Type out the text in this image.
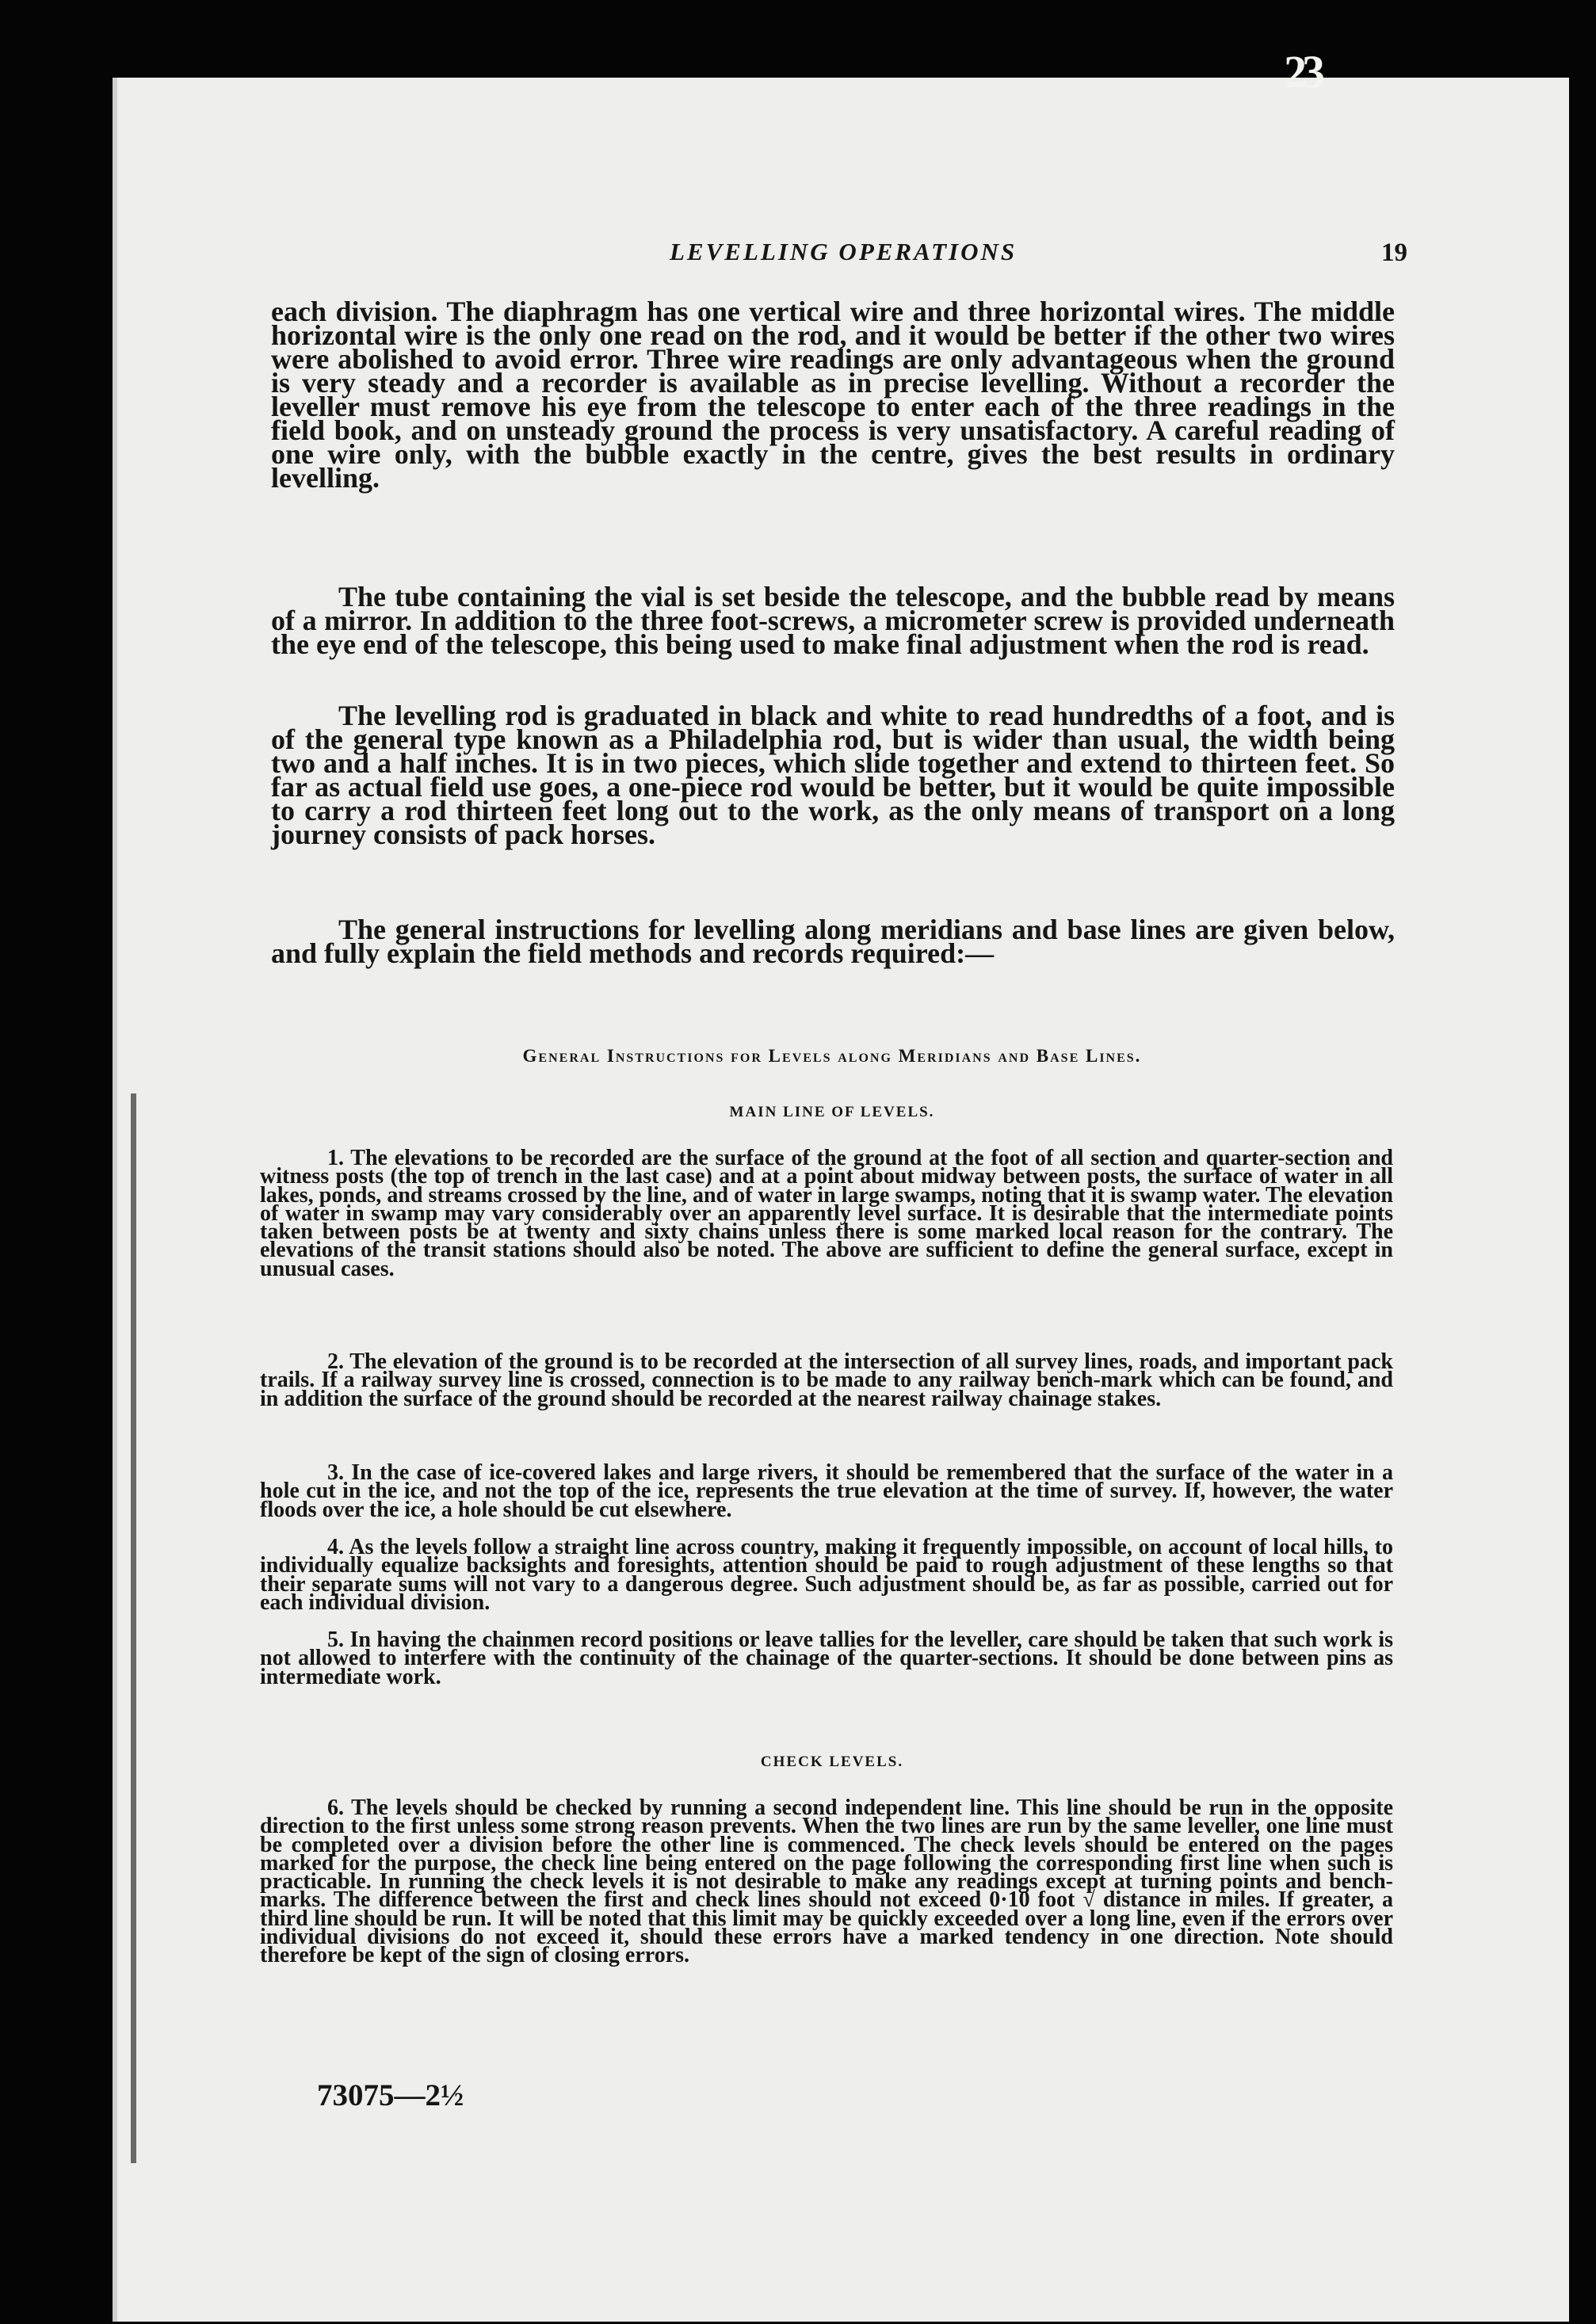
23
LEVELLING OPERATIONS	19

each division. The diaphragm has one vertical wire and three horizontal wires. The middle horizontal wire is the only one read on the rod, and it would be better if the other two wires were abolished to avoid error. Three wire readings are only advantageous when the ground is very steady and a recorder is available as in precise levelling. Without a recorder the leveller must remove his eye from the telescope to enter each of the three readings in the field book, and on unsteady ground the process is very unsatisfactory. A careful reading of one wire only, with the bubble exactly in the centre, gives the best results in ordinary levelling.

The tube containing the vial is set beside the telescope, and the bubble read by means of a mirror. In addition to the three foot-screws, a micrometer screw is provided underneath the eye end of the telescope, this being used to make final adjustment when the rod is read.

The levelling rod is graduated in black and white to read hundredths of a foot, and is of the general type known as a Philadelphia rod, but is wider than usual, the width being two and a half inches. It is in two pieces, which slide together and extend to thirteen feet. So far as actual field use goes, a one-piece rod would be better, but it would be quite impossible to carry a rod thirteen feet long out to the work, as the only means of transport on a long journey consists of pack horses.

The general instructions for levelling along meridians and base lines are given below, and fully explain the field methods and records required:—

General Instructions for Levels along Meridians and Base Lines.
MAIN LINE OF LEVELS.

1. The elevations to be recorded are the surface of the ground at the foot of all section and quarter-section and witness posts (the top of trench in the last case) and at a point about midway between posts, the surface of water in all lakes, ponds, and streams crossed by the line, and of water in large swamps, noting that it is swamp water. The elevation of water in swamp may vary considerably over an apparently level surface. It is desirable that the intermediate points taken between posts be at twenty and sixty chains unless there is some marked local reason for the contrary. The elevations of the transit stations should also be noted. The above are sufficient to define the general surface, except in unusual cases.

2. The elevation of the ground is to be recorded at the intersection of all survey lines, roads, and important pack trails. If a railway survey line is crossed, connection is to be made to any railway bench-mark which can be found, and in addition the surface of the ground should be recorded at the nearest railway chainage stakes.

3. In the case of ice-covered lakes and large rivers, it should be remembered that the surface of the water in a hole cut in the ice, and not the top of the ice, represents the true elevation at the time of survey. If, however, the water floods over the ice, a hole should be cut elsewhere.

4. As the levels follow a straight line across country, making it frequently impossible, on account of local hills, to individually equalize backsights and foresights, attention should be paid to rough adjustment of these lengths so that their separate sums will not vary to a dangerous degree. Such adjustment should be, as far as possible, carried out for each individual division.

5. In having the chainmen record positions or leave tallies for the leveller, care should be taken that such work is not allowed to interfere with the continuity of the chainage of the quarter-sections. It should be done between pins as intermediate work.

CHECK LEVELS.

6. The levels should be checked by running a second independent line. This line should be run in the opposite direction to the first unless some strong reason prevents. When the two lines are run by the same leveller, one line must be completed over a division before the other line is commenced. The check levels should be entered on the pages marked for the purpose, the check line being entered on the page following the corresponding first line when such is practicable. In running the check levels it is not desirable to make any readings except at turning points and bench-marks. The difference between the first and check lines should not exceed 0·10 foot √ distance in miles. If greater, a third line should be run. It will be noted that this limit may be quickly exceeded over a long line, even if the errors over individual divisions do not exceed it, should these errors have a marked tendency in one direction. Note should therefore be kept of the sign of closing errors.

73075—2½
